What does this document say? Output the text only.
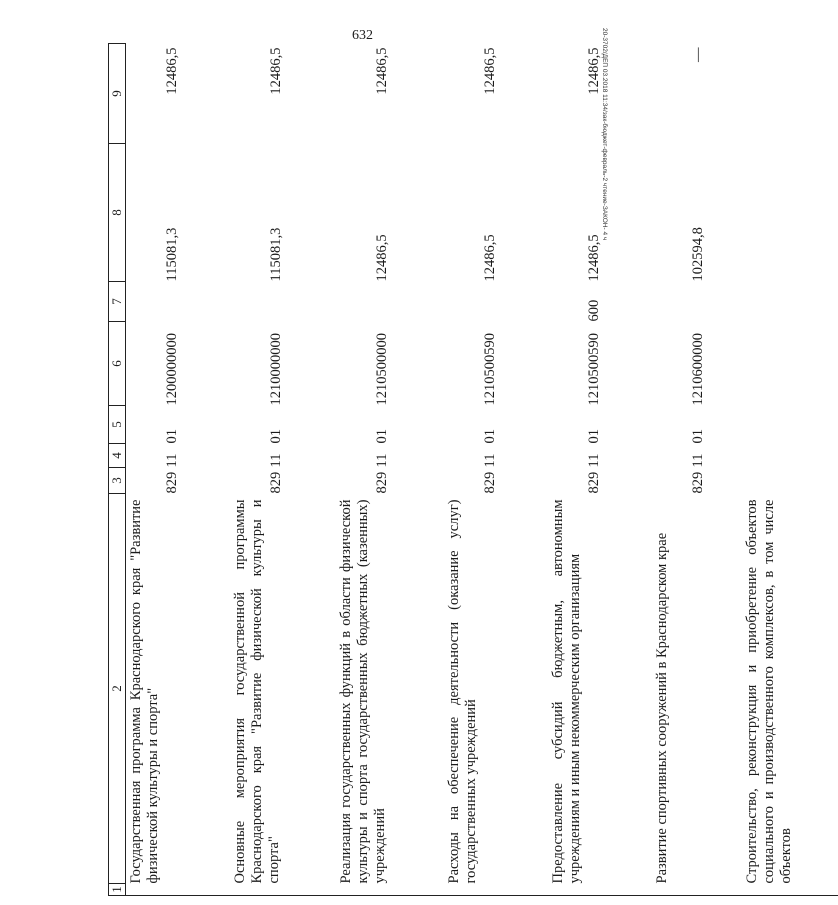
632	20-3702/ДЕП 03.2018 11:34/зак-бюджет-февраль-2 чтение-ЗАКОН- 4 ч
1	2	3	4	5	6	7	8	9
	Государственная программа Краснодарского края "Развитие физической культуры и спорта"	829	11	01	1200000000		115081,3	12486,5
	Основные мероприятия государственной программы Краснодарского края "Развитие физической культуры и спорта"	829	11	01	1210000000		115081,3	12486,5
	Реализация государственных функций в области физической культуры и спорта государственных бюджетных (казенных) учреждений	829	11	01	1210500000		12486,5	12486,5
	Расходы на обеспечение деятельности (оказание услуг) государственных учреждений	829	11	01	1210500590		12486,5	12486,5
	Предоставление субсидий бюджетным, автономным учреждениям и иным некоммерческим организациям	829	11	01	1210500590	600	12486,5	12486,5
	Развитие спортивных сооружений в Краснодарском крае	829	11	01	1210600000		102594,8	—
	Строительство, реконструкция и приобретение объектов социального и производственного комплексов, в том числе объектов							
